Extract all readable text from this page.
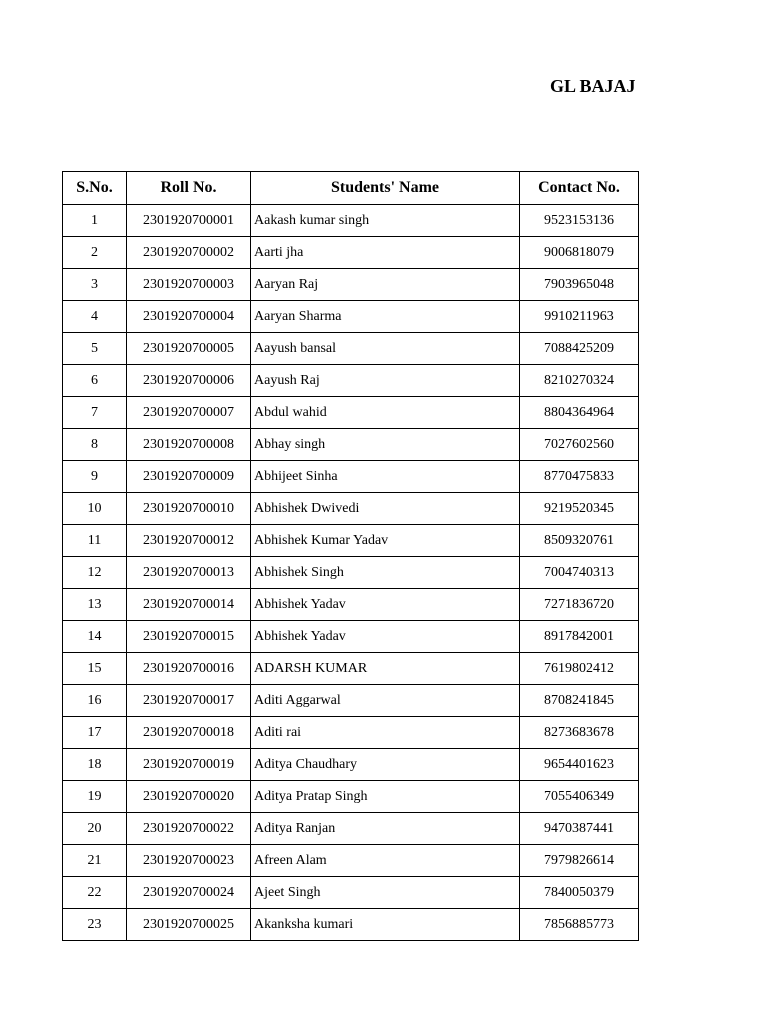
GL BAJAJ
S.No.	Roll No.	Students' Name	Contact No.
1	2301920700001	Aakash kumar singh	9523153136
2	2301920700002	Aarti jha	9006818079
3	2301920700003	Aaryan Raj	7903965048
4	2301920700004	Aaryan Sharma	9910211963
5	2301920700005	Aayush bansal	7088425209
6	2301920700006	Aayush Raj	8210270324
7	2301920700007	Abdul wahid	8804364964
8	2301920700008	Abhay singh	7027602560
9	2301920700009	Abhijeet Sinha	8770475833
10	2301920700010	Abhishek Dwivedi	9219520345
11	2301920700012	Abhishek Kumar Yadav	8509320761
12	2301920700013	Abhishek Singh	7004740313
13	2301920700014	Abhishek Yadav	7271836720
14	2301920700015	Abhishek Yadav	8917842001
15	2301920700016	ADARSH KUMAR	7619802412
16	2301920700017	Aditi Aggarwal	8708241845
17	2301920700018	Aditi rai	8273683678
18	2301920700019	Aditya Chaudhary	9654401623
19	2301920700020	Aditya Pratap Singh	7055406349
20	2301920700022	Aditya Ranjan	9470387441
21	2301920700023	Afreen Alam	7979826614
22	2301920700024	Ajeet Singh	7840050379
23	2301920700025	Akanksha kumari	7856885773
